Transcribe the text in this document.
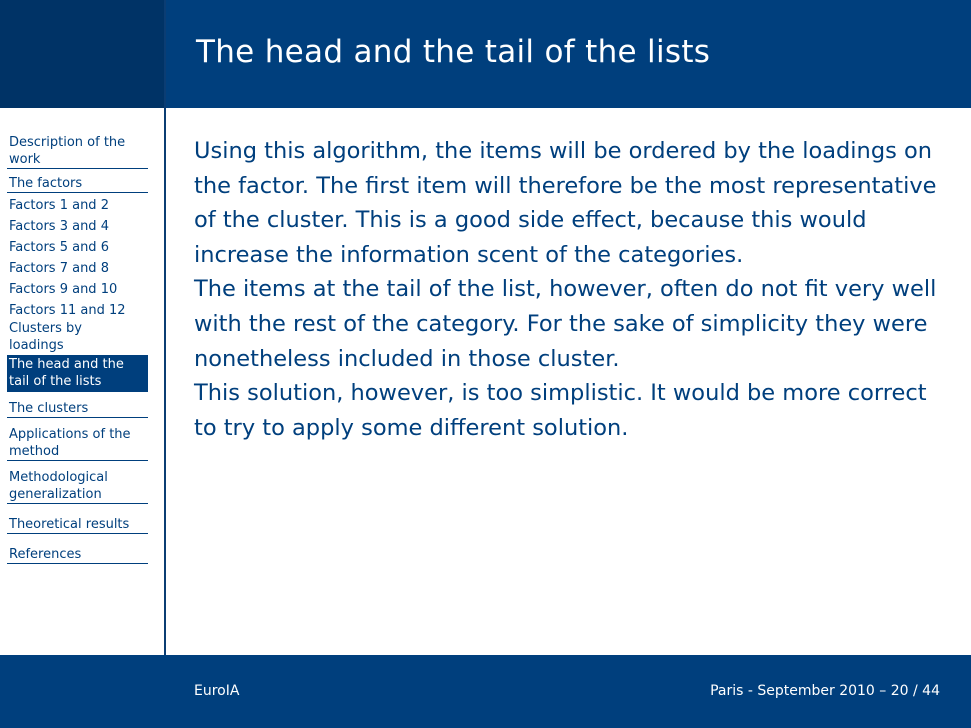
The head and the tail of the lists
Description of the work
The factors
Factors 1 and 2
Factors 3 and 4
Factors 5 and 6
Factors 7 and 8
Factors 9 and 10
Factors 11 and 12
Clusters by loadings
The head and the tail of the lists
The clusters
Applications of the method
Methodological generalization
Theoretical results
References

Using this algorithm, the items will be ordered by the loadings on the factor. The first item will therefore be the most representative of the cluster. This is a good side effect, because this would increase the information scent of the categories.

The items at the tail of the list, however, often do not fit very well with the rest of the category. For the sake of simplicity they were nonetheless included in those cluster.

This solution, however, is too simplistic. It would be more correct to try to apply some different solution.

EuroIA	Paris - September 2010 – 20 / 44
